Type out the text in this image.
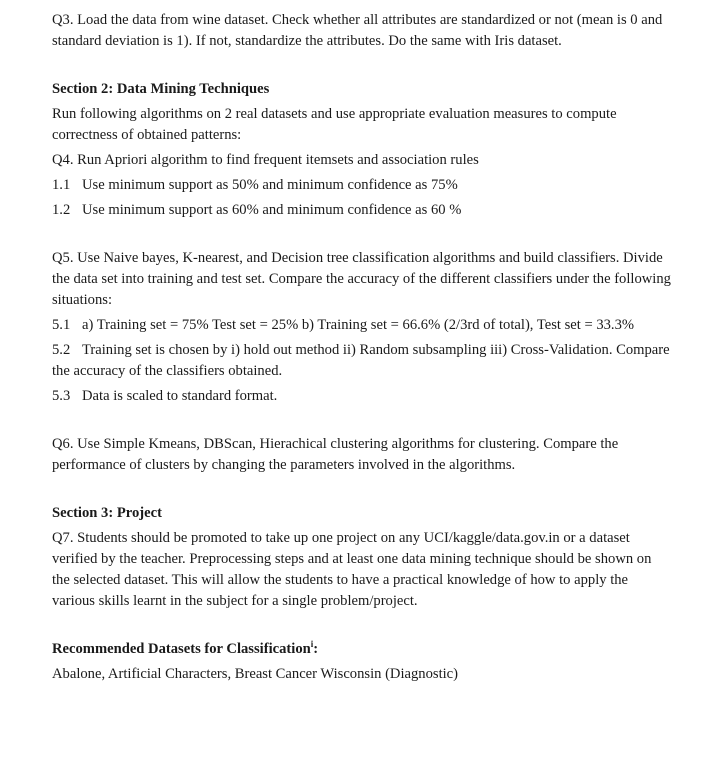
Q3. Load the data from wine dataset. Check whether all attributes are standardized or not (mean is 0 and standard deviation is 1). If not, standardize the attributes. Do the same with Iris dataset.

Section 2: Data Mining Techniques

Run following algorithms on 2 real datasets and use appropriate evaluation measures to compute correctness of obtained patterns:

Q4. Run Apriori algorithm to find frequent itemsets and association rules

1.1 Use minimum support as 50% and minimum confidence as 75%

1.2 Use minimum support as 60% and minimum confidence as 60 %

Q5. Use Naive bayes, K-nearest, and Decision tree classification algorithms and build classifiers. Divide the data set into training and test set. Compare the accuracy of the different classifiers under the following situations:

5.1 a) Training set = 75% Test set = 25% b) Training set = 66.6% (2/3rd of total), Test set = 33.3%

5.2 Training set is chosen by i) hold out method ii) Random subsampling iii) Cross-Validation. Compare the accuracy of the classifiers obtained.

5.3 Data is scaled to standard format.

Q6. Use Simple Kmeans, DBScan, Hierachical clustering algorithms for clustering. Compare the performance of clusters by changing the parameters involved in the algorithms.

Section 3: Project

Q7. Students should be promoted to take up one project on any UCI/kaggle/data.gov.in or a dataset verified by the teacher. Preprocessing steps and at least one data mining technique should be shown on the selected dataset. This will allow the students to have a practical knowledge of how to apply the various skills learnt in the subject for a single problem/project.

Recommended Datasets for Classification$^i$:

Abalone, Artificial Characters, Breast Cancer Wisconsin (Diagnostic)
